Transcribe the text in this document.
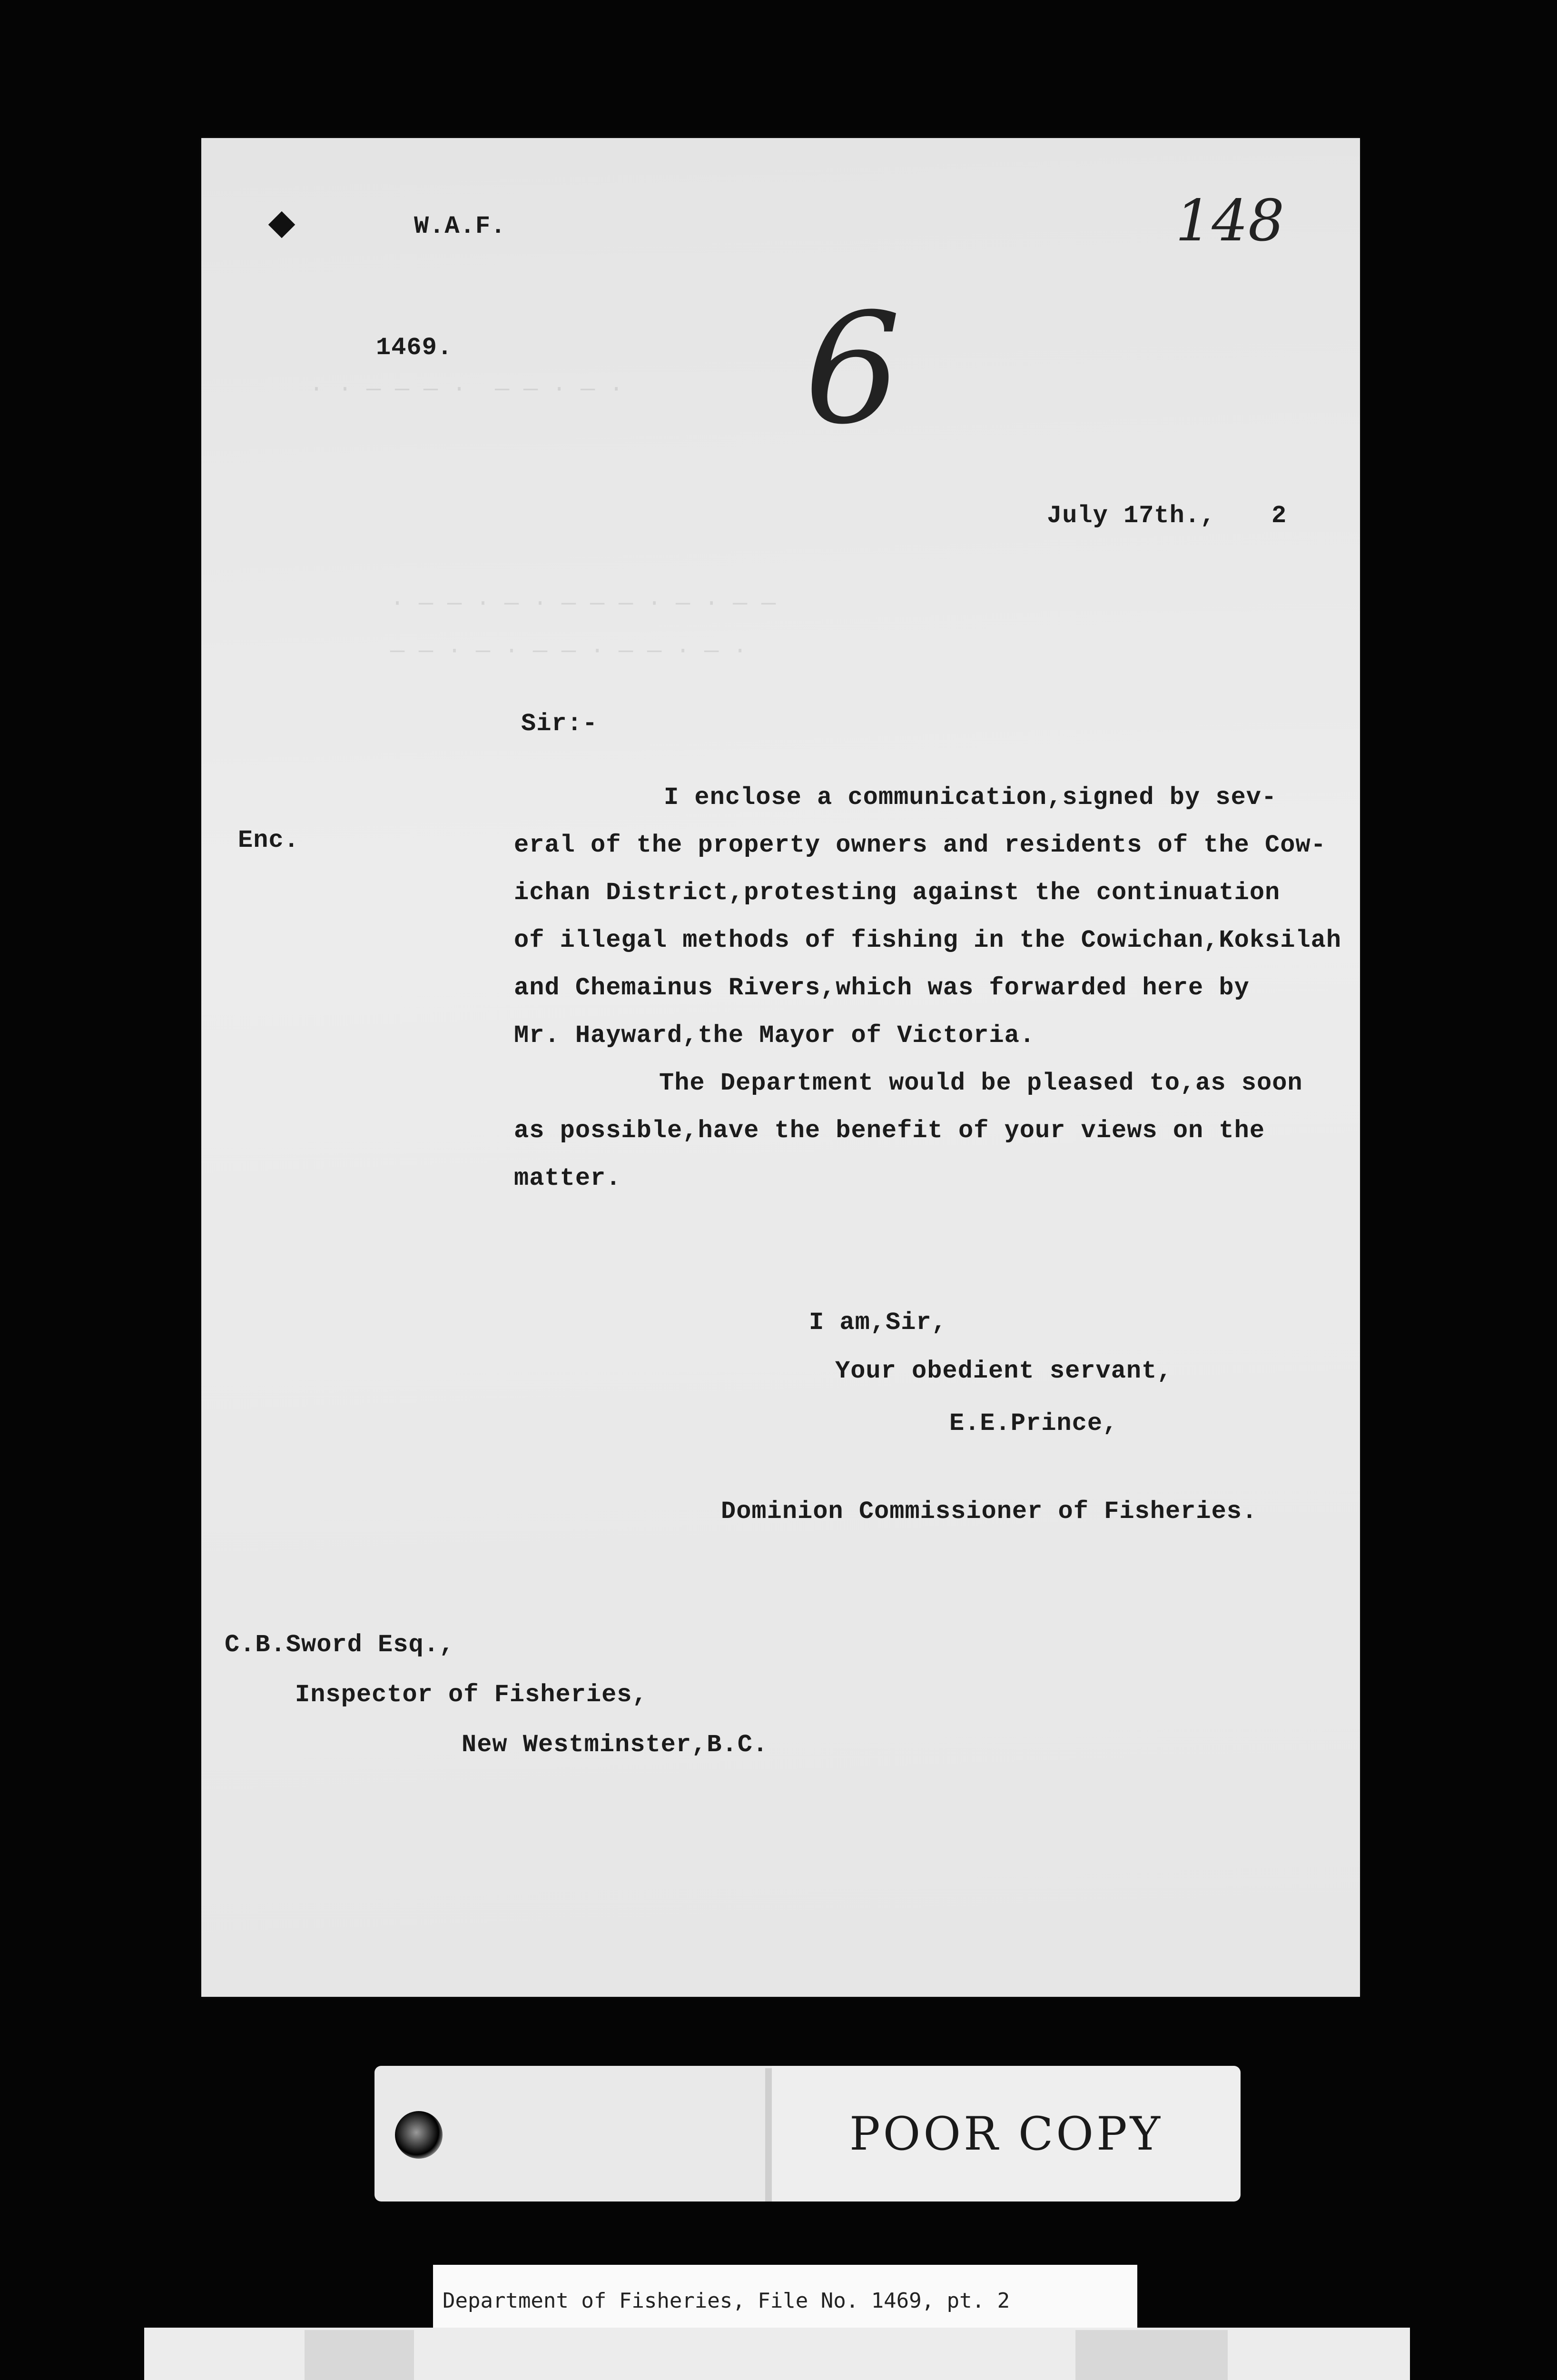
· · — — — ·  — — · — ·
· — — · — · — — — · — · — —
— — · — · — — · — — · — ·
W.A.F.
1469.
148
6
July 17th., 2
Sir:-
Enc.
I enclose a communication,signed by sev-
eral of the property owners and residents of the Cow-
ichan District,protesting against the continuation
of illegal methods of fishing in the Cowichan,Koksilah
and Chemainus Rivers,which was forwarded here by
Mr. Hayward,the Mayor of Victoria.
The Department would be pleased to,as soon
as possible,have the benefit of your views on the
matter.
I am,Sir,
Your obedient servant,
E.E.Prince,
Dominion Commissioner of Fisheries.
C.B.Sword Esq.,
Inspector of Fisheries,
New Westminster,B.C.
POOR COPY
Department of Fisheries, File No. 1469, pt. 2
